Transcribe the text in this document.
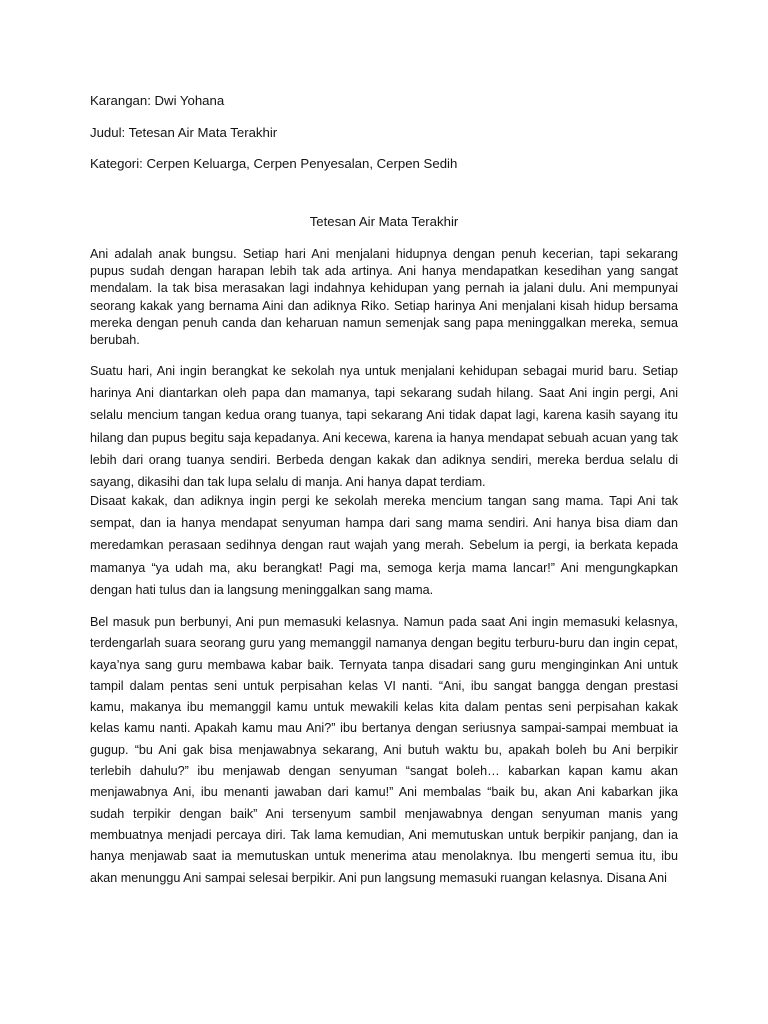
Karangan: Dwi Yohana
Judul: Tetesan Air Mata Terakhir
Kategori: Cerpen Keluarga, Cerpen Penyesalan, Cerpen Sedih
Tetesan Air Mata Terakhir

Ani adalah anak bungsu. Setiap hari Ani menjalani hidupnya dengan penuh kecerian, tapi sekarang pupus sudah dengan harapan lebih tak ada artinya. Ani hanya mendapatkan kesedihan yang sangat mendalam. Ia tak bisa merasakan lagi indahnya kehidupan yang pernah ia jalani dulu. Ani mempunyai seorang kakak yang bernama Aini dan adiknya Riko. Setiap harinya Ani menjalani kisah hidup bersama mereka dengan penuh canda dan keharuan namun semenjak sang papa meninggalkan mereka, semua berubah.

Suatu hari, Ani ingin berangkat ke sekolah nya untuk menjalani kehidupan sebagai murid baru. Setiap harinya Ani diantarkan oleh papa dan mamanya, tapi sekarang sudah hilang. Saat Ani ingin pergi, Ani selalu mencium tangan kedua orang tuanya, tapi sekarang Ani tidak dapat lagi, karena kasih sayang itu hilang dan pupus begitu saja kepadanya. Ani kecewa, karena ia hanya mendapat sebuah acuan yang tak lebih dari orang tuanya sendiri. Berbeda dengan kakak dan adiknya sendiri, mereka berdua selalu di sayang, dikasihi dan tak lupa selalu di manja. Ani hanya dapat terdiam.

Disaat kakak, dan adiknya ingin pergi ke sekolah mereka mencium tangan sang mama. Tapi Ani tak sempat, dan ia hanya mendapat senyuman hampa dari sang mama sendiri. Ani hanya bisa diam dan meredamkan perasaan sedihnya dengan raut wajah yang merah. Sebelum ia pergi, ia berkata kepada mamanya “ya udah ma, aku berangkat! Pagi ma, semoga kerja mama lancar!” Ani mengungkapkan dengan hati tulus dan ia langsung meninggalkan sang mama.

Bel masuk pun berbunyi, Ani pun memasuki kelasnya. Namun pada saat Ani ingin memasuki kelasnya, terdengarlah suara seorang guru yang memanggil namanya dengan begitu terburu-buru dan ingin cepat, kaya’nya sang guru membawa kabar baik. Ternyata tanpa disadari sang guru menginginkan Ani untuk tampil dalam pentas seni untuk perpisahan kelas VI nanti. “Ani, ibu sangat bangga dengan prestasi kamu, makanya ibu memanggil kamu untuk mewakili kelas kita dalam pentas seni perpisahan kakak kelas kamu nanti. Apakah kamu mau Ani?” ibu bertanya dengan seriusnya sampai-sampai membuat ia gugup. “bu Ani gak bisa menjawabnya sekarang, Ani butuh waktu bu, apakah boleh bu Ani berpikir terlebih dahulu?” ibu menjawab dengan senyuman “sangat boleh… kabarkan kapan kamu akan menjawabnya Ani, ibu menanti jawaban dari kamu!” Ani membalas “baik bu, akan Ani kabarkan jika sudah terpikir dengan baik” Ani tersenyum sambil menjawabnya dengan senyuman manis yang membuatnya menjadi percaya diri. Tak lama kemudian, Ani memutuskan untuk berpikir panjang, dan ia hanya menjawab saat ia memutuskan untuk menerima atau menolaknya. Ibu mengerti semua itu, ibu akan menunggu Ani sampai selesai berpikir. Ani pun langsung memasuki ruangan kelasnya. Disana Ani
